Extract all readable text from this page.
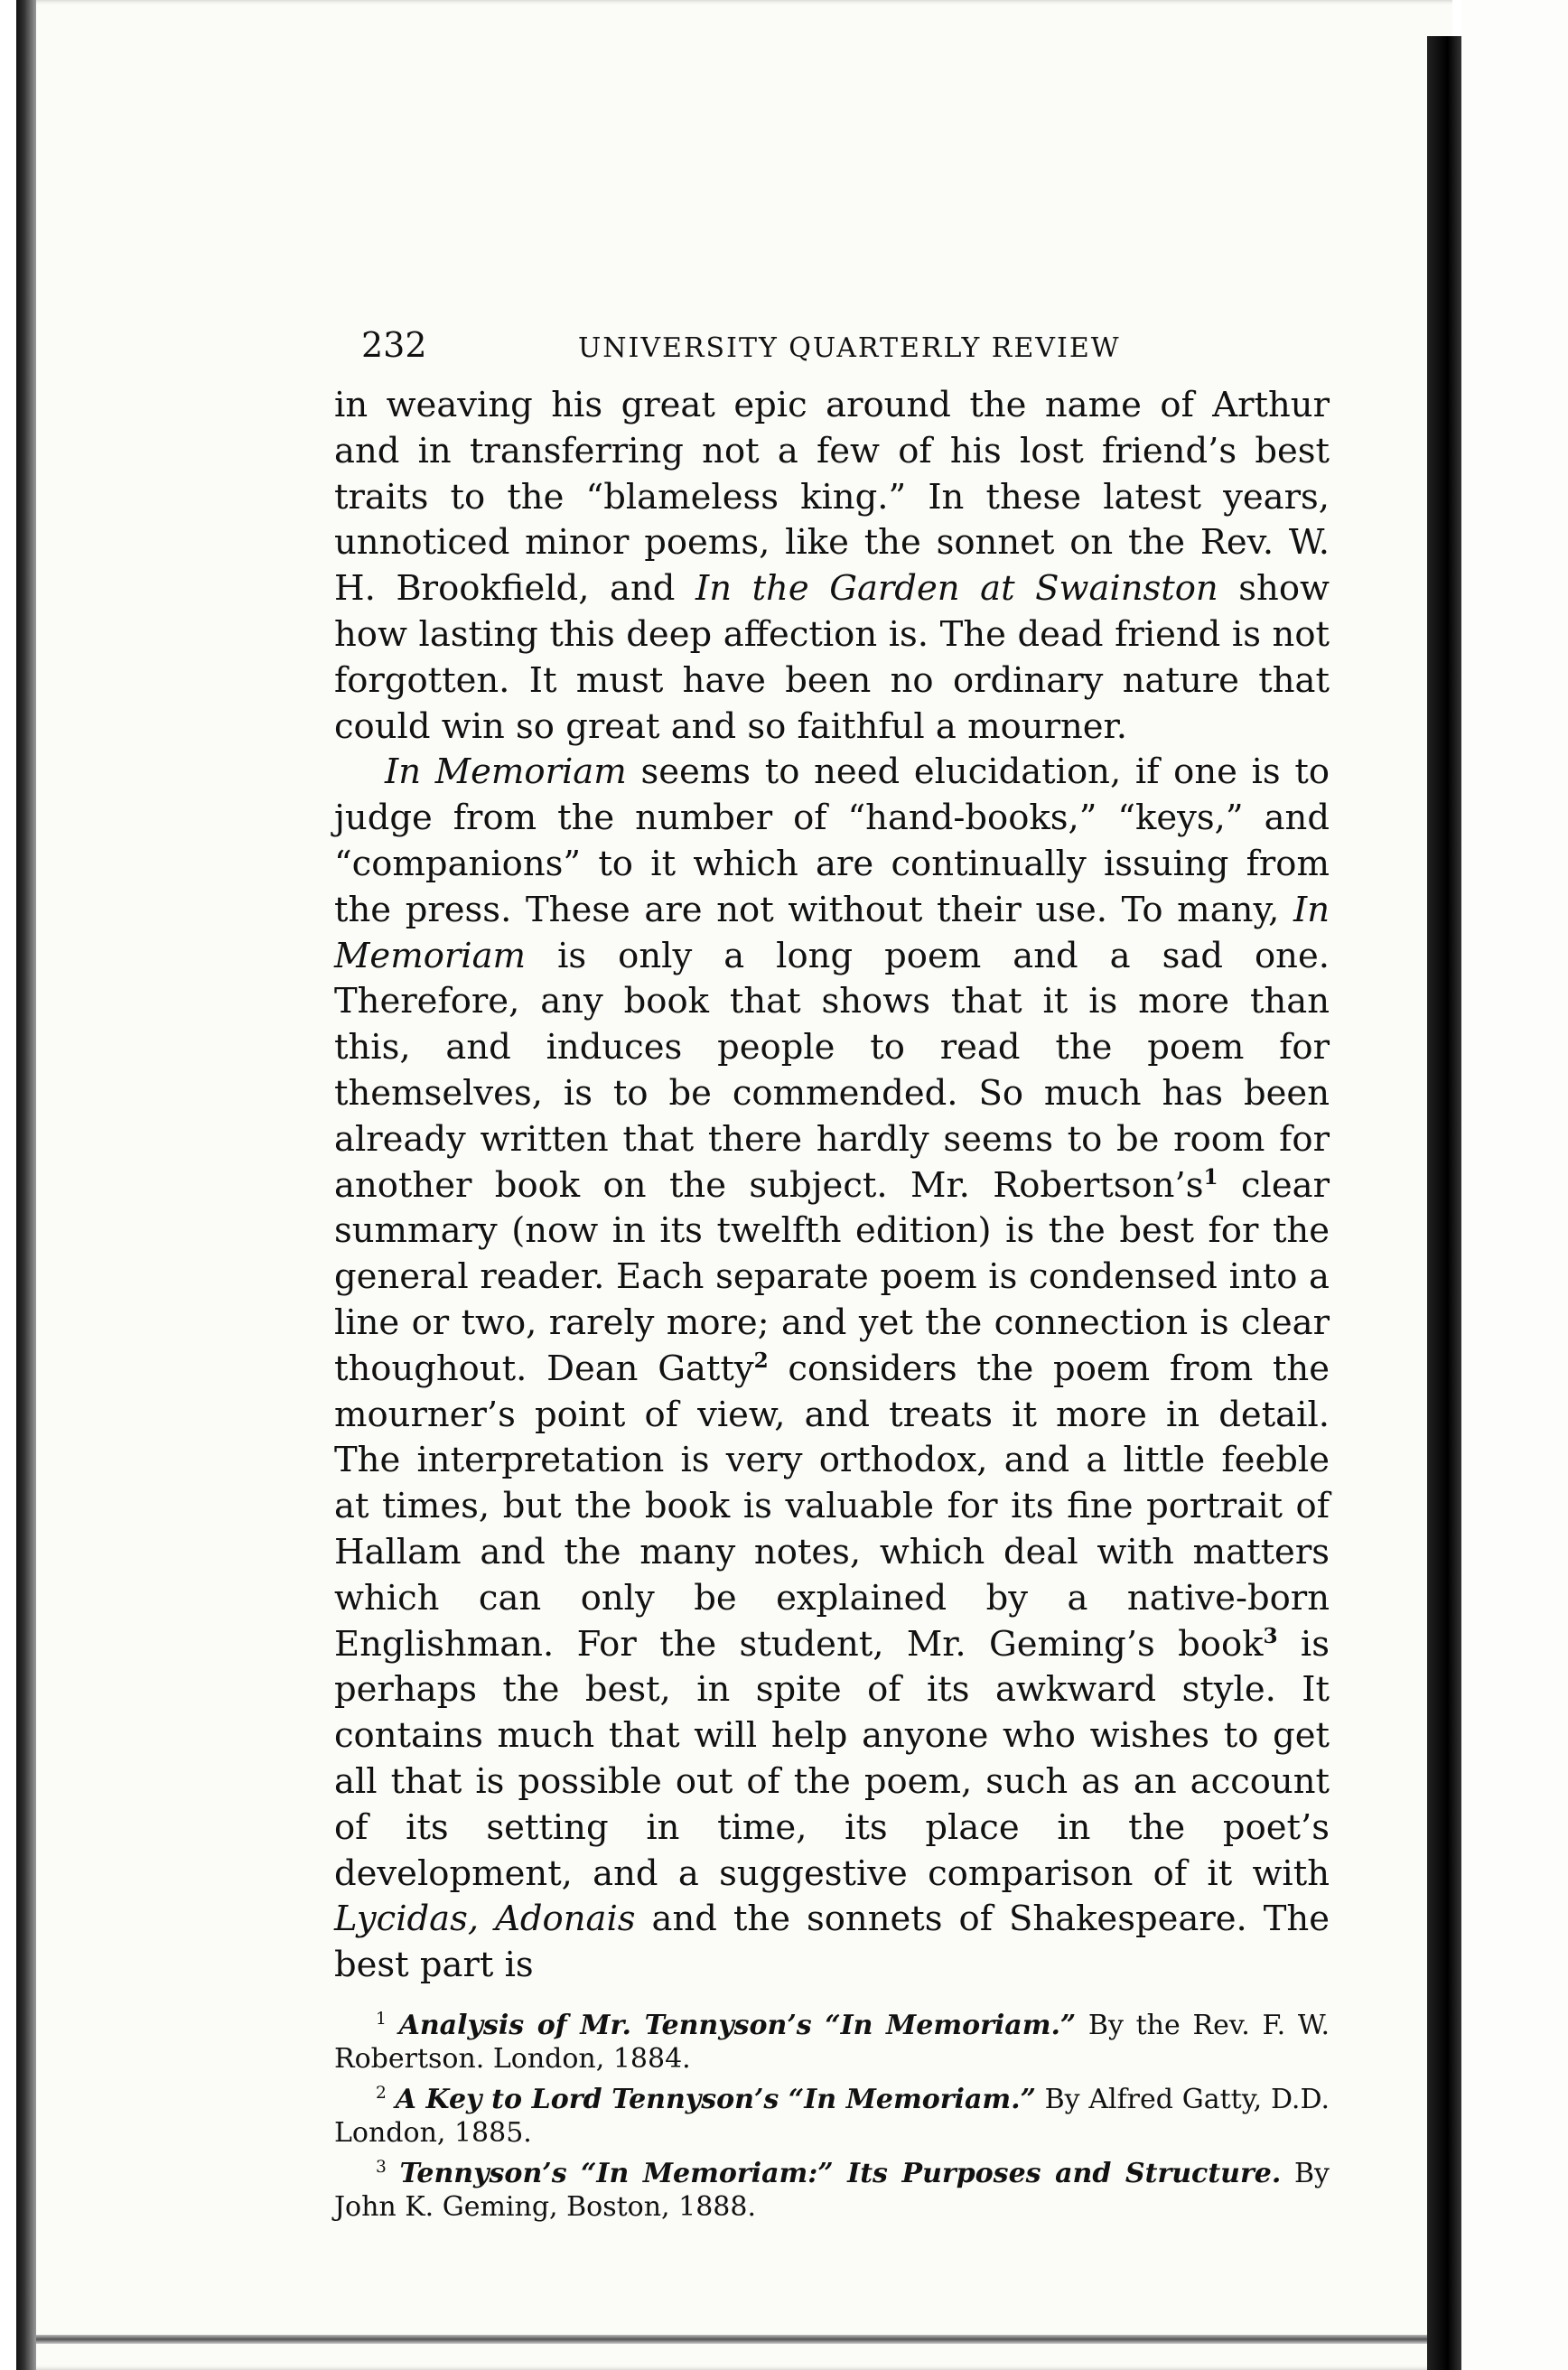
232	UNIVERSITY QUARTERLY REVIEW

in weaving his great epic around the name of Arthur and in transferring not a few of his lost friend’s best traits to the “blameless king.” In these latest years, unnoticed minor poems, like the sonnet on the Rev. W. H. Brookfield, and In the Garden at Swainston show how lasting this deep affection is. The dead friend is not forgotten. It must have been no ordinary nature that could win so great and so faithful a mourner.

In Memoriam seems to need elucidation, if one is to judge from the number of “hand-books,” “keys,” and “companions” to it which are continually issuing from the press. These are not without their use. To many, In Memoriam is only a long poem and a sad one. Therefore, any book that shows that it is more than this, and induces people to read the poem for themselves, is to be commended. So much has been already written that there hardly seems to be room for another book on the subject. Mr. $Robertson’s^1$ clear summary (now in its twelfth edition) is the best for the general reader. Each separate poem is condensed into a line or two, rarely more; and yet the connection is clear thoughout. Dean Gatty$^2$ considers the poem from the mourner’s point of view, and treats it more in detail. The interpretation is very orthodox, and a little feeble at times, but the book is valuable for its fine portrait of Hallam and the many notes, which deal with matters which can only be explained by a native-born Englishman. For the student, Mr. Geming’s book$^3$ is perhaps the best, in spite of its awkward style. It contains much that will help anyone who wishes to get all that is possible out of the poem, such as an account of its setting in time, its place in the poet’s development, and a suggestive comparison of it with Lycidas, Adonais and the sonnets of Shakespeare. The best part is

$^1$ Analysis of Mr. Tennyson’s “In Memoriam.” By the Rev. F. W. Robertson. London, 1884.

$^2$ A Key to Lord Tennyson’s “In Memoriam.” By Alfred Gatty, D.D. London, 1885.

$^3$ Tennyson’s “In Memoriam:” Its Purposes and Structure. By John K. Geming, Boston, 1888.
